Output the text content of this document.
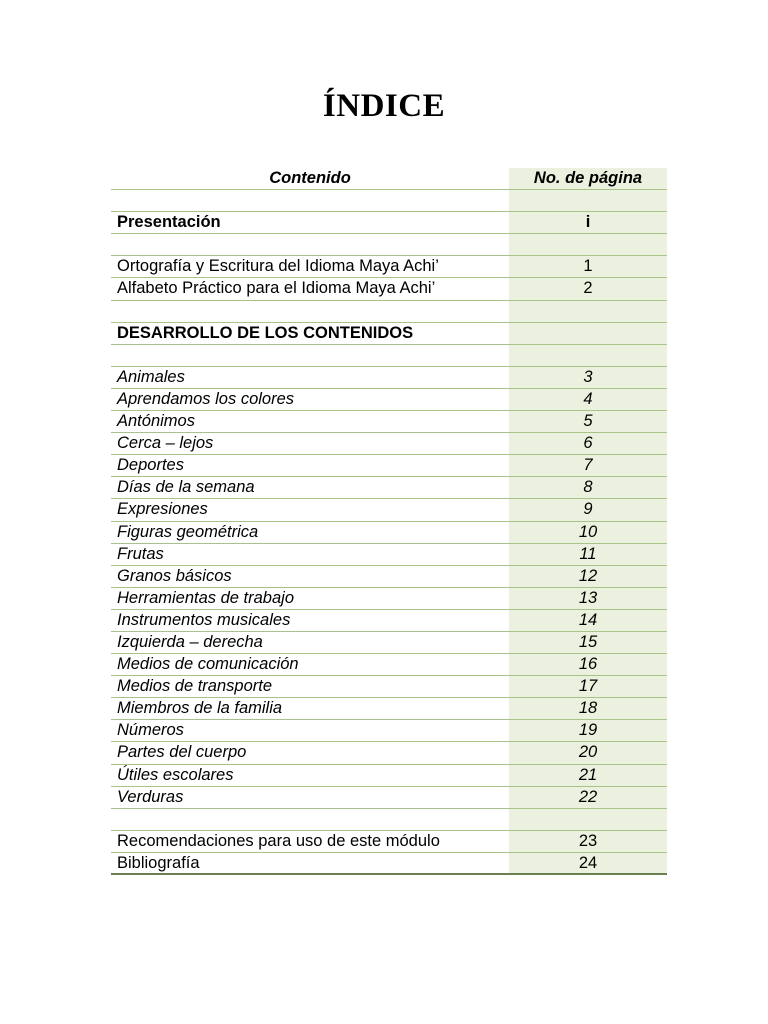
ÍNDICE
Contenido	No. de página
Presentación	i
Ortografía y Escritura del Idioma Maya Achi’	1
Alfabeto Práctico para el Idioma Maya Achi’	2
DESARROLLO DE LOS CONTENIDOS
Animales	3
Aprendamos los colores	4
Antónimos	5
Cerca – lejos	6
Deportes	7
Días de la semana	8
Expresiones	9
Figuras geométrica	10
Frutas	11
Granos básicos	12
Herramientas de trabajo	13
Instrumentos musicales	14
Izquierda – derecha	15
Medios de comunicación	16
Medios de transporte	17
Miembros de la familia	18
Números	19
Partes del cuerpo	20
Útiles escolares	21
Verduras	22
Recomendaciones para uso de este módulo	23
Bibliografía	24
